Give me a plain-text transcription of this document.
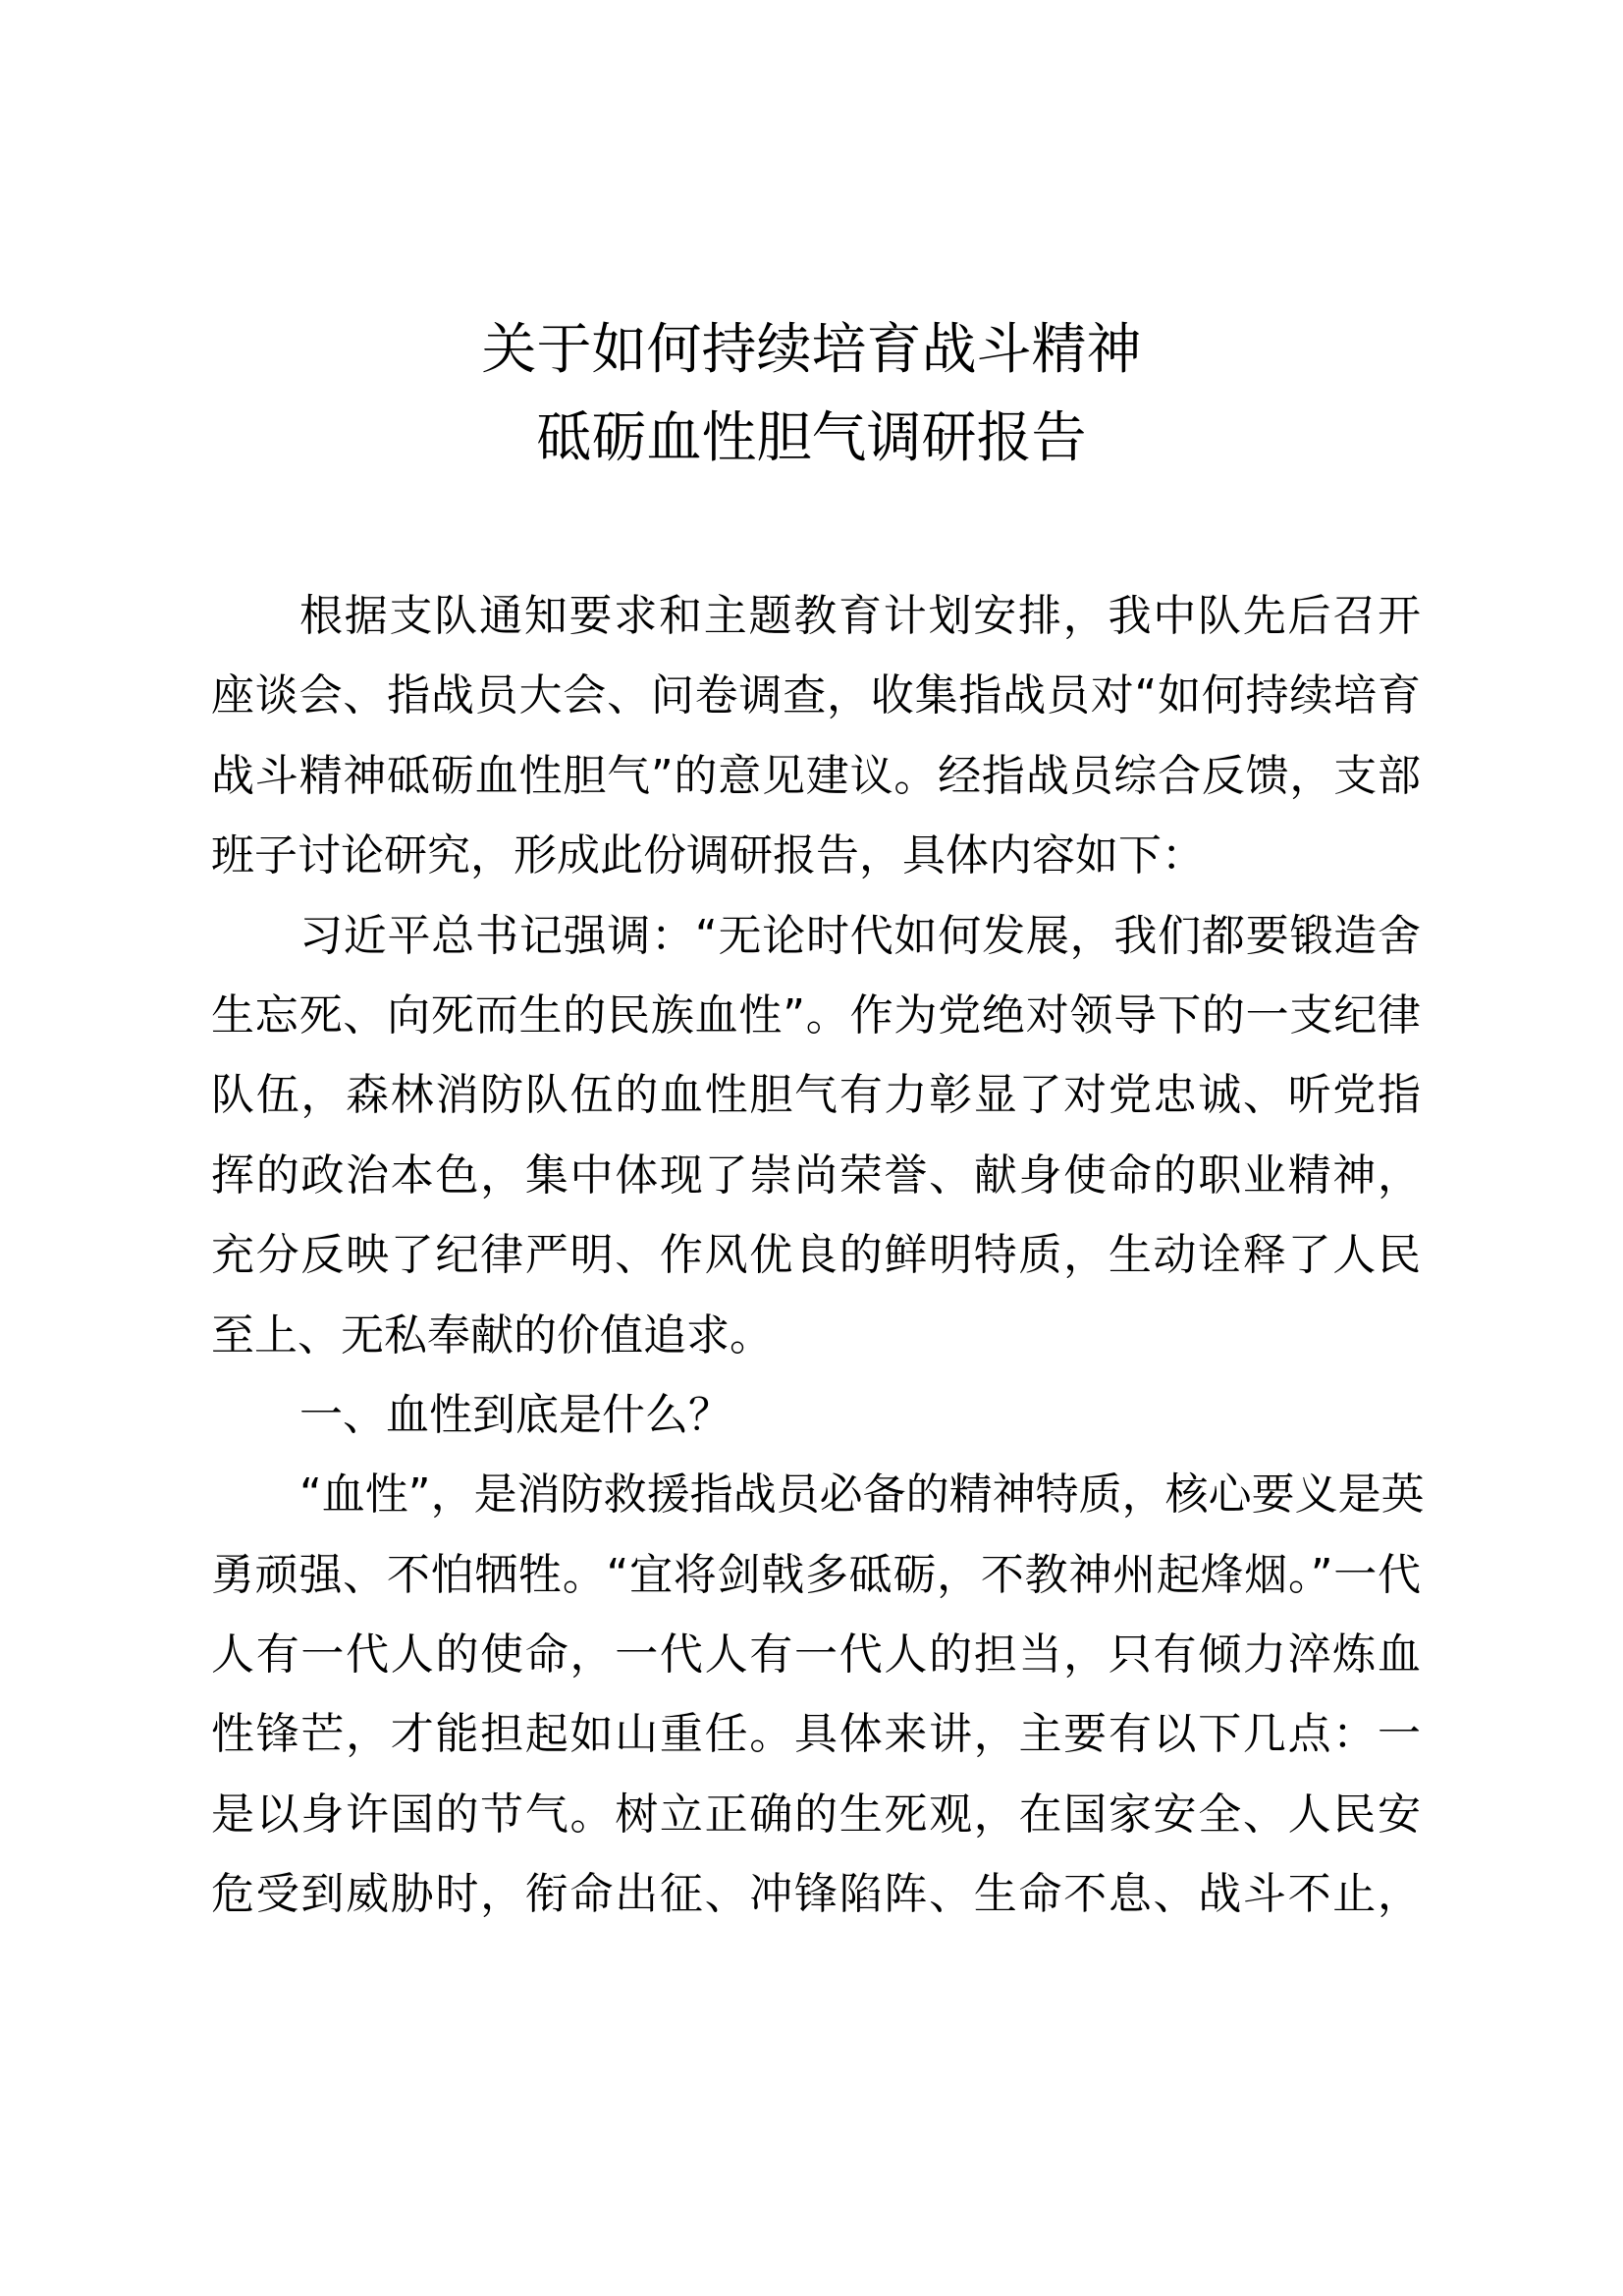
关于如何持续培育战斗精神
砥砺血性胆气调研报告
根据支队通知要求和主题教育计划安排，我中队先后召开
座谈会、指战员大会、问卷调查，收集指战员对“如何持续培育
战斗精神砥砺血性胆气”的意见建议。经指战员综合反馈，支部
班子讨论研究，形成此份调研报告，具体内容如下：
习近平总书记强调：“无论时代如何发展，我们都要锻造舍
生忘死、向死而生的民族血性”。作为党绝对领导下的一支纪律
队伍，森林消防队伍的血性胆气有力彰显了对党忠诚、听党指
挥的政治本色，集中体现了崇尚荣誉、献身使命的职业精神，
充分反映了纪律严明、作风优良的鲜明特质，生动诠释了人民
至上、无私奉献的价值追求。
一、血性到底是什么？
“血性”，是消防救援指战员必备的精神特质，核心要义是英
勇顽强、不怕牺牲。“宜将剑戟多砥砺，不教神州起烽烟。”一代
人有一代人的使命，一代人有一代人的担当，只有倾力淬炼血
性锋芒，才能担起如山重任。具体来讲，主要有以下几点：一
是以身许国的节气。树立正确的生死观，在国家安全、人民安
危受到威胁时，衔命出征、冲锋陷阵、生命不息、战斗不止，
